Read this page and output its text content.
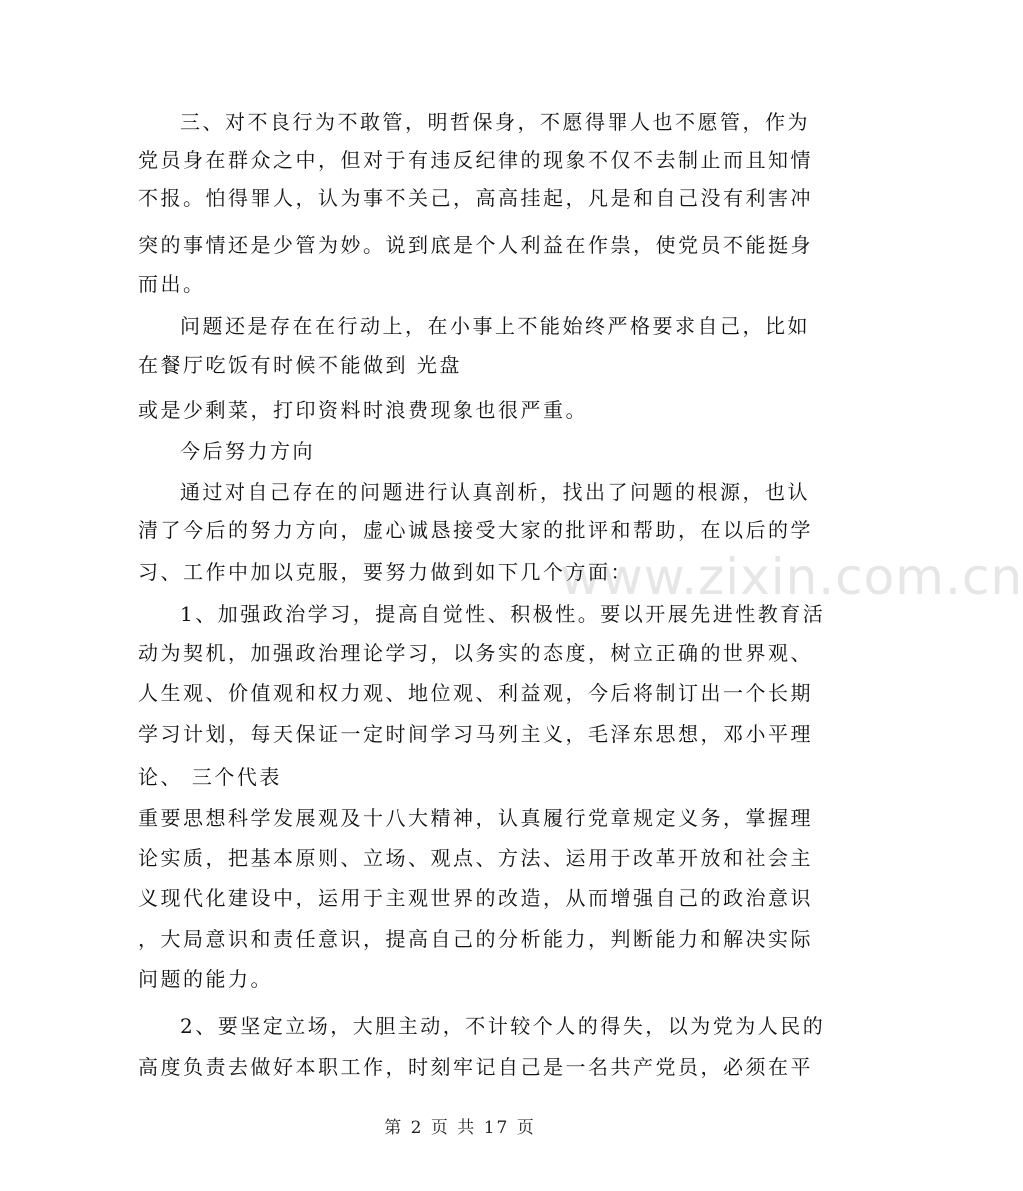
www.zixin.com.cn
三、对不良行为不敢管，明哲保身，不愿得罪人也不愿管，作为
党员身在群众之中，但对于有违反纪律的现象不仅不去制止而且知情
不报。怕得罪人，认为事不关己，高高挂起，凡是和自己没有利害冲
突的事情还是少管为妙。说到底是个人利益在作祟，使党员不能挺身
而出。
问题还是存在在行动上，在小事上不能始终严格要求自己，比如
在餐厅吃饭有时候不能做到 光盘
或是少剩菜，打印资料时浪费现象也很严重。
今后努力方向
通过对自己存在的问题进行认真剖析，找出了问题的根源，也认
清了今后的努力方向，虚心诚恳接受大家的批评和帮助，在以后的学
习、工作中加以克服，要努力做到如下几个方面：
1、加强政治学习，提高自觉性、积极性。要以开展先进性教育活
动为契机，加强政治理论学习，以务实的态度，树立正确的世界观、
人生观、价值观和权力观、地位观、利益观，今后将制订出一个长期
学习计划，每天保证一定时间学习马列主义，毛泽东思想，邓小平理
论、 三个代表
重要思想科学发展观及十八大精神，认真履行党章规定义务，掌握理
论实质，把基本原则、立场、观点、方法、运用于改革开放和社会主
义现代化建设中，运用于主观世界的改造，从而增强自己的政治意识
，大局意识和责任意识，提高自己的分析能力，判断能力和解决实际
问题的能力。
2、要坚定立场，大胆主动，不计较个人的得失，以为党为人民的
高度负责去做好本职工作，时刻牢记自己是一名共产党员，必须在平
第 2 页 共 17 页
